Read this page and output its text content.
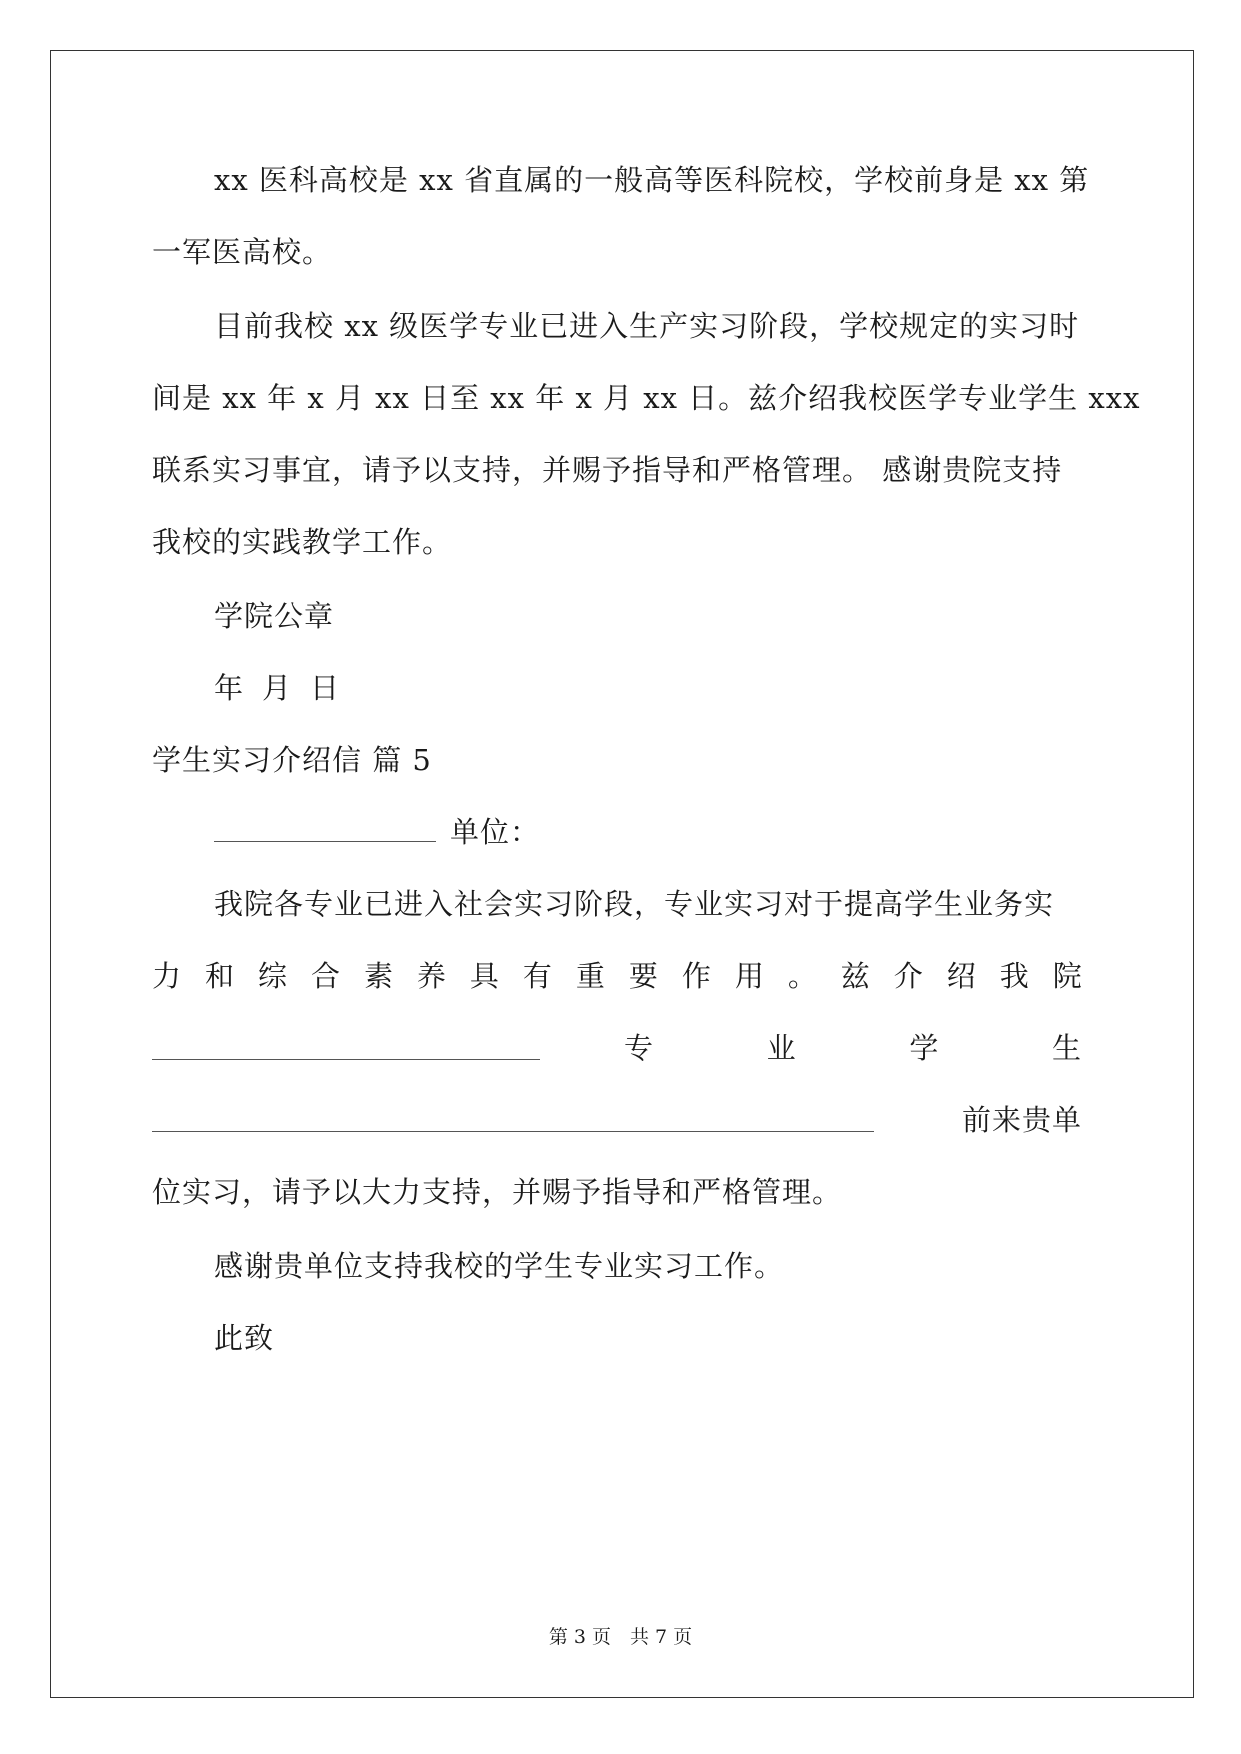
xx 医科高校是 xx 省直属的一般高等医科院校，学校前身是 xx 第
一军医高校。
目前我校 xx 级医学专业已进入生产实习阶段，学校规定的实习时
间是 xx 年 x 月 xx 日至 xx 年 x 月 xx 日。兹介绍我校医学专业学生 xxx
联系实习事宜，请予以支持，并赐予指导和严格管理。 感谢贵院支持
我校的实践教学工作。
学院公章
年 月 日
学生实习介绍信 篇 5
单位：
我院各专业已进入社会实习阶段，专业实习对于提高学生业务实
力 和 综 合 素 养 具 有 重 要 作 用 。 兹 介 绍 我 院
专	业	学	生
前来贵单
位实习，请予以大力支持，并赐予指导和严格管理。
感谢贵单位支持我校的学生专业实习工作。
此致
第 3 页　共 7 页
